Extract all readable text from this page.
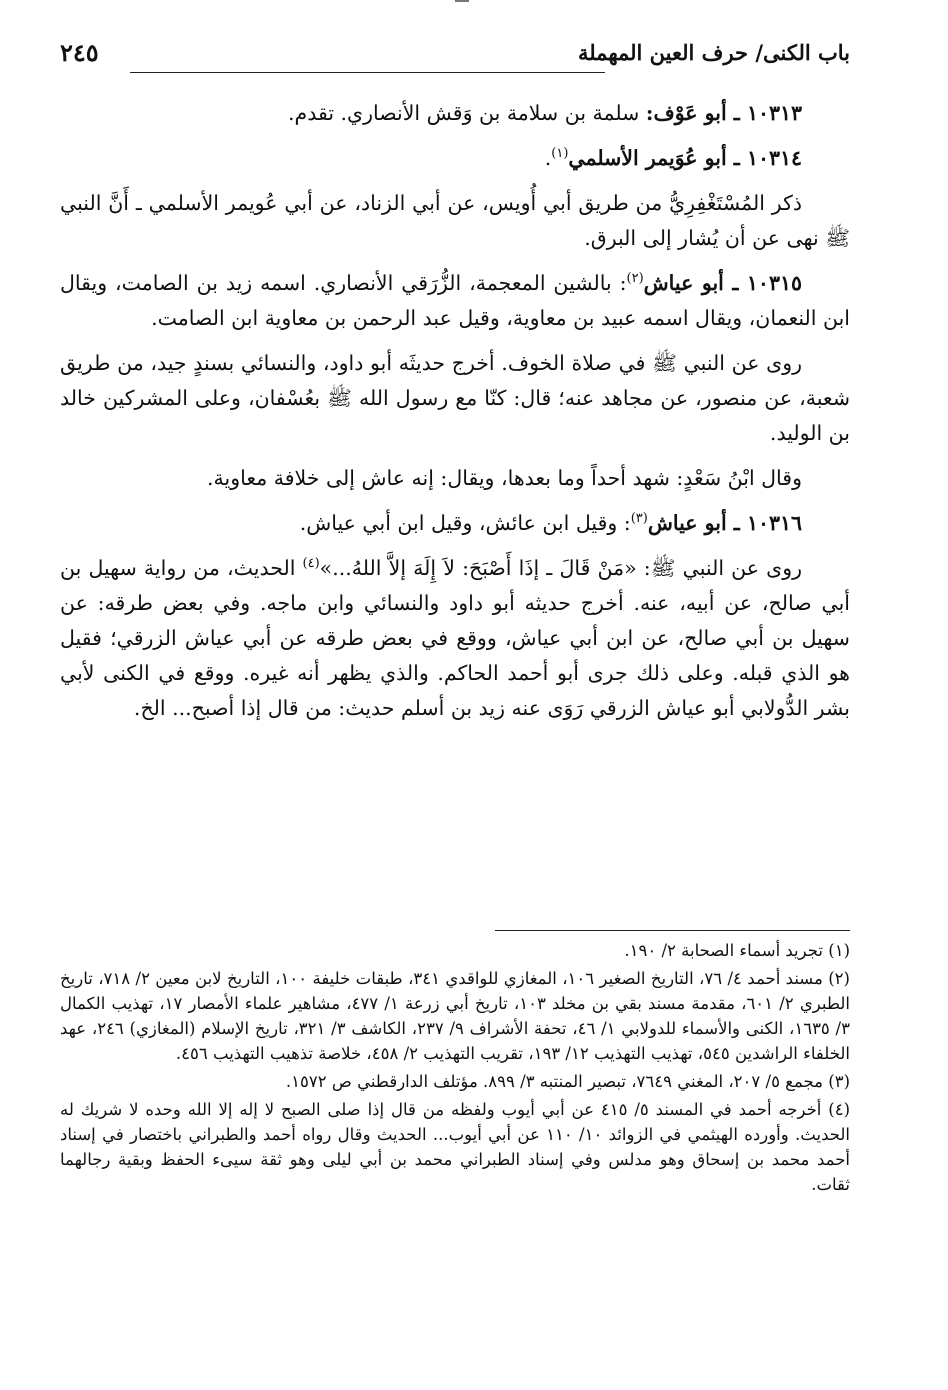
باب الكنى/ حرف العين المهملة
٢٤٥

١٠٣١٣ ـ أبو عَوْف: سلمة بن سلامة بن وَقش الأنصاري. تقدم.

١٠٣١٤ ـ أبو عُوَيمر الأسلمي$^{(١)}$.

ذكر المُسْتَغْفِرِيُّ من طريق أبي أُويس، عن أبي الزناد، عن أبي عُويمر الأسلمي ـ أَنَّ النبي ﷺ نهى عن أن يُشار إلى البرق.

١٠٣١٥ ـ أبو عياش$^{(٢)}$: بالشين المعجمة، الزُّرَقي الأنصاري. اسمه زيد بن الصامت، ويقال ابن النعمان، ويقال اسمه عبيد بن معاوية، وقيل عبد الرحمن بن معاوية ابن الصامت.

روى عن النبي ﷺ في صلاة الخوف. أخرج حديثَه أبو داود، والنسائي بسندٍ جيد، من طريق شعبة، عن منصور، عن مجاهد عنه؛ قال: كنّا مع رسول الله ﷺ بعُسْفان، وعلى المشركين خالد بن الوليد.

وقال ابْنُ سَعْدٍ: شهد أحداً وما بعدها، ويقال: إنه عاش إلى خلافة معاوية.

١٠٣١٦ ـ أبو عياش$^{(٣)}$: وقيل ابن عائش، وقيل ابن أبي عياش.

روى عن النبي ﷺ: «مَنْ قَالَ ـ إذَا أَصْبَحَ: لاَ إِلَهَ إلاَّ اللهُ...»$^{(٤)}$ الحديث، من رواية سهيل بن أبي صالح، عن أبيه، عنه. أخرج حديثه أبو داود والنسائي وابن ماجه. وفي بعض طرقه: عن سهيل بن أبي صالح، عن ابن أبي عياش، ووقع في بعض طرقه عن أبي عياش الزرقي؛ فقيل هو الذي قبله. وعلى ذلك جرى أبو أحمد الحاكم. والذي يظهر أنه غيره. ووقع في الكنى لأبي بشر الدُّولابي أبو عياش الزرقي رَوَى عنه زيد بن أسلم حديث: من قال إذا أصبح... الخ.

(١) تجريد أسماء الصحابة ٢/ ١٩٠.

(٢) مسند أحمد ٤/ ٧٦، التاريخ الصغير ١٠٦، المغازي للواقدي ٣٤١، طبقات خليفة ١٠٠، التاريخ لابن معين ٢/ ٧١٨، تاريخ الطبري ٢/ ٦٠١، مقدمة مسند بقي بن مخلد ١٠٣، تاريخ أبي زرعة ١/ ٤٧٧، مشاهير علماء الأمصار ١٧، تهذيب الكمال ٣/ ١٦٣٥، الكنى والأسماء للدولابي ١/ ٤٦، تحفة الأشراف ٩/ ٢٣٧، الكاشف ٣/ ٣٢١، تاريخ الإسلام (المغازي) ٢٤٦، عهد الخلفاء الراشدين ٥٤٥، تهذيب التهذيب ١٢/ ١٩٣، تقريب التهذيب ٢/ ٤٥٨، خلاصة تذهيب التهذيب ٤٥٦.

(٣) مجمع ٥/ ٢٠٧، المغني ٧٦٤٩، تبصير المنتبه ٣/ ٨٩٩. مؤتلف الدارقطني ص ١٥٧٢.

(٤) أخرجه أحمد في المسند ٥/ ٤١٥ عن أبي أيوب ولفظه من قال إذا صلى الصبح لا إله إلا الله وحده لا شريك له الحديث. وأورده الهيثمي في الزوائد ١٠/ ١١٠ عن أبي أيوب... الحديث وقال رواه أحمد والطبراني باختصار في إسناد أحمد محمد بن إسحاق وهو مدلس وفي إسناد الطبراني محمد بن أبي ليلى وهو ثقة سيىء الحفظ وبقية رجالهما ثقات.
